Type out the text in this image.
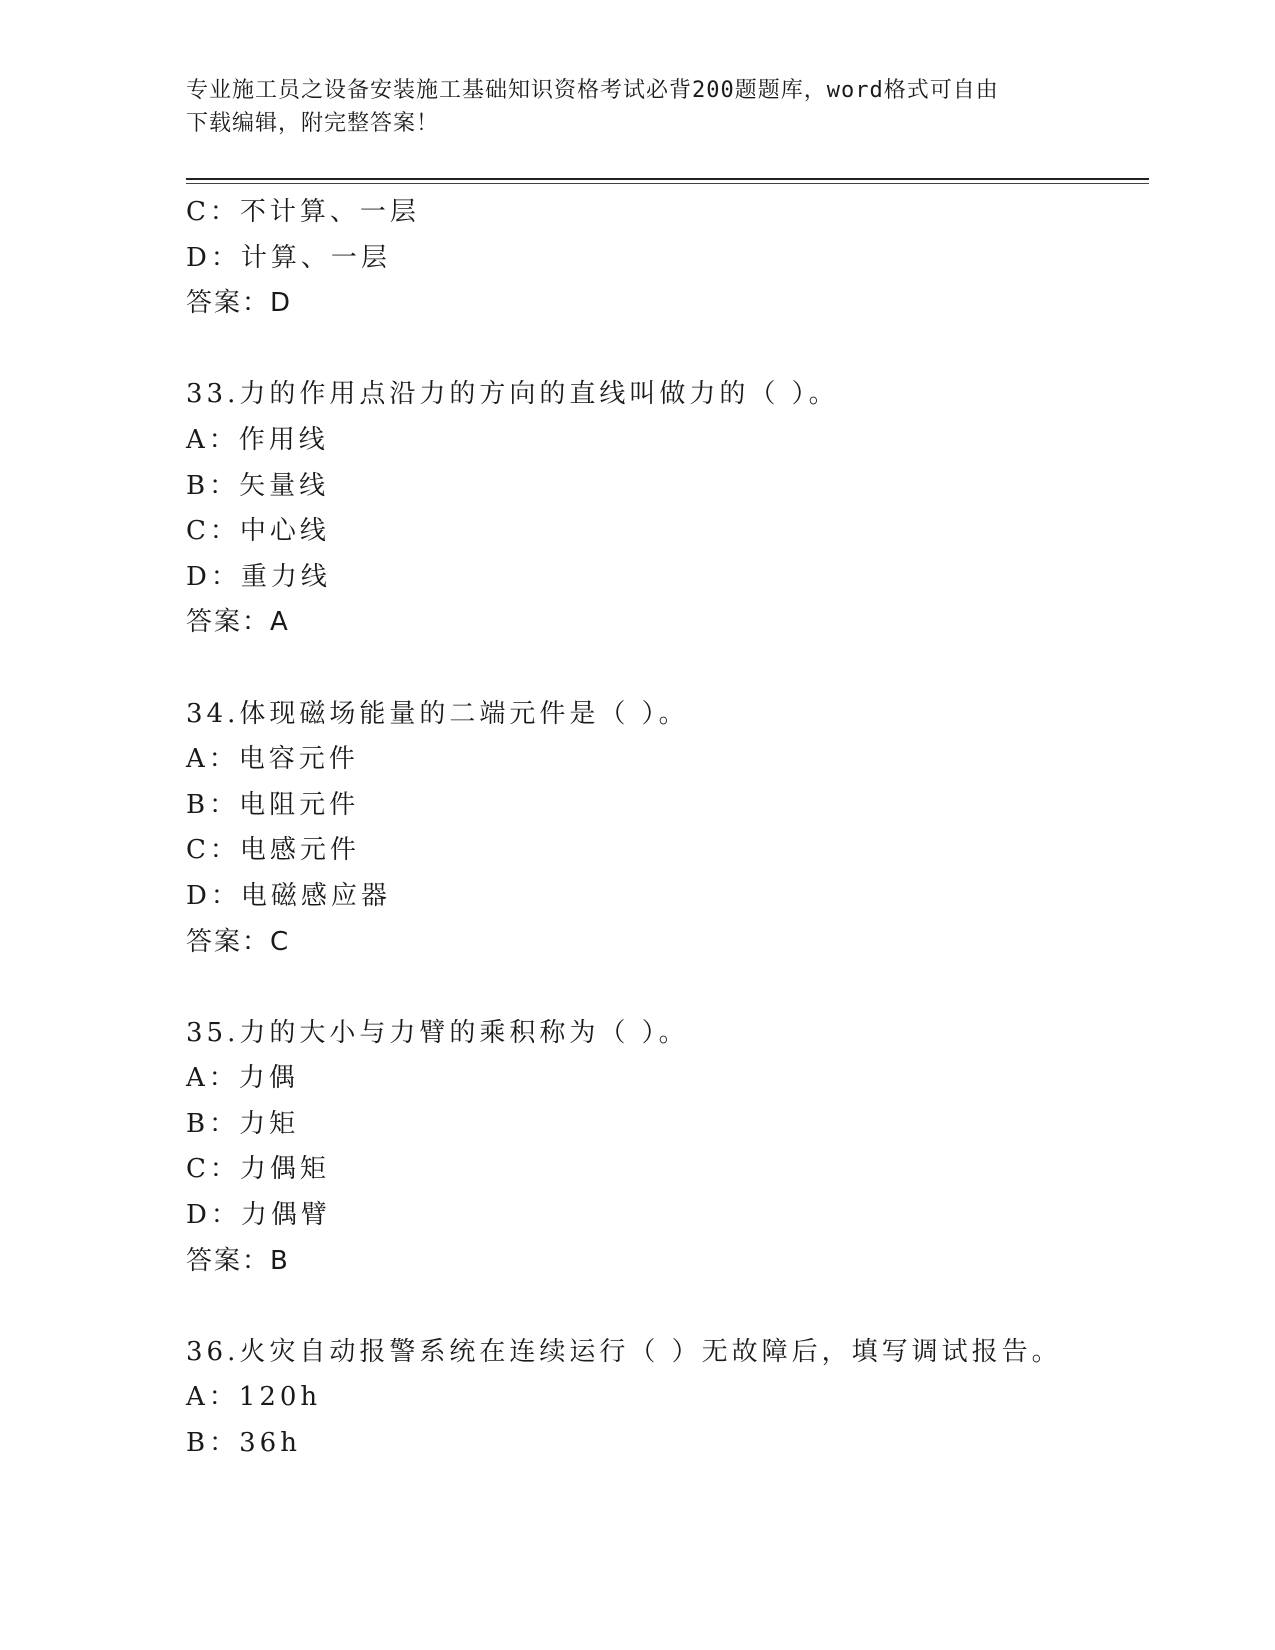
专业施工员之设备安装施工基础知识资格考试必背200题题库，word格式可自由
下载编辑，附完整答案！
C：不计算、一层
D：计算、一层
答案：D
33.力的作用点沿力的方向的直线叫做力的（ ）。
A：作用线
B：矢量线
C：中心线
D：重力线
答案：A
34.体现磁场能量的二端元件是（ ）。
A：电容元件
B：电阻元件
C：电感元件
D：电磁感应器
答案：C
35.力的大小与力臂的乘积称为（ ）。
A：力偶
B：力矩
C：力偶矩
D：力偶臂
答案：B
36.火灾自动报警系统在连续运行（ ）无故障后，填写调试报告。
A：120h
B：36h
